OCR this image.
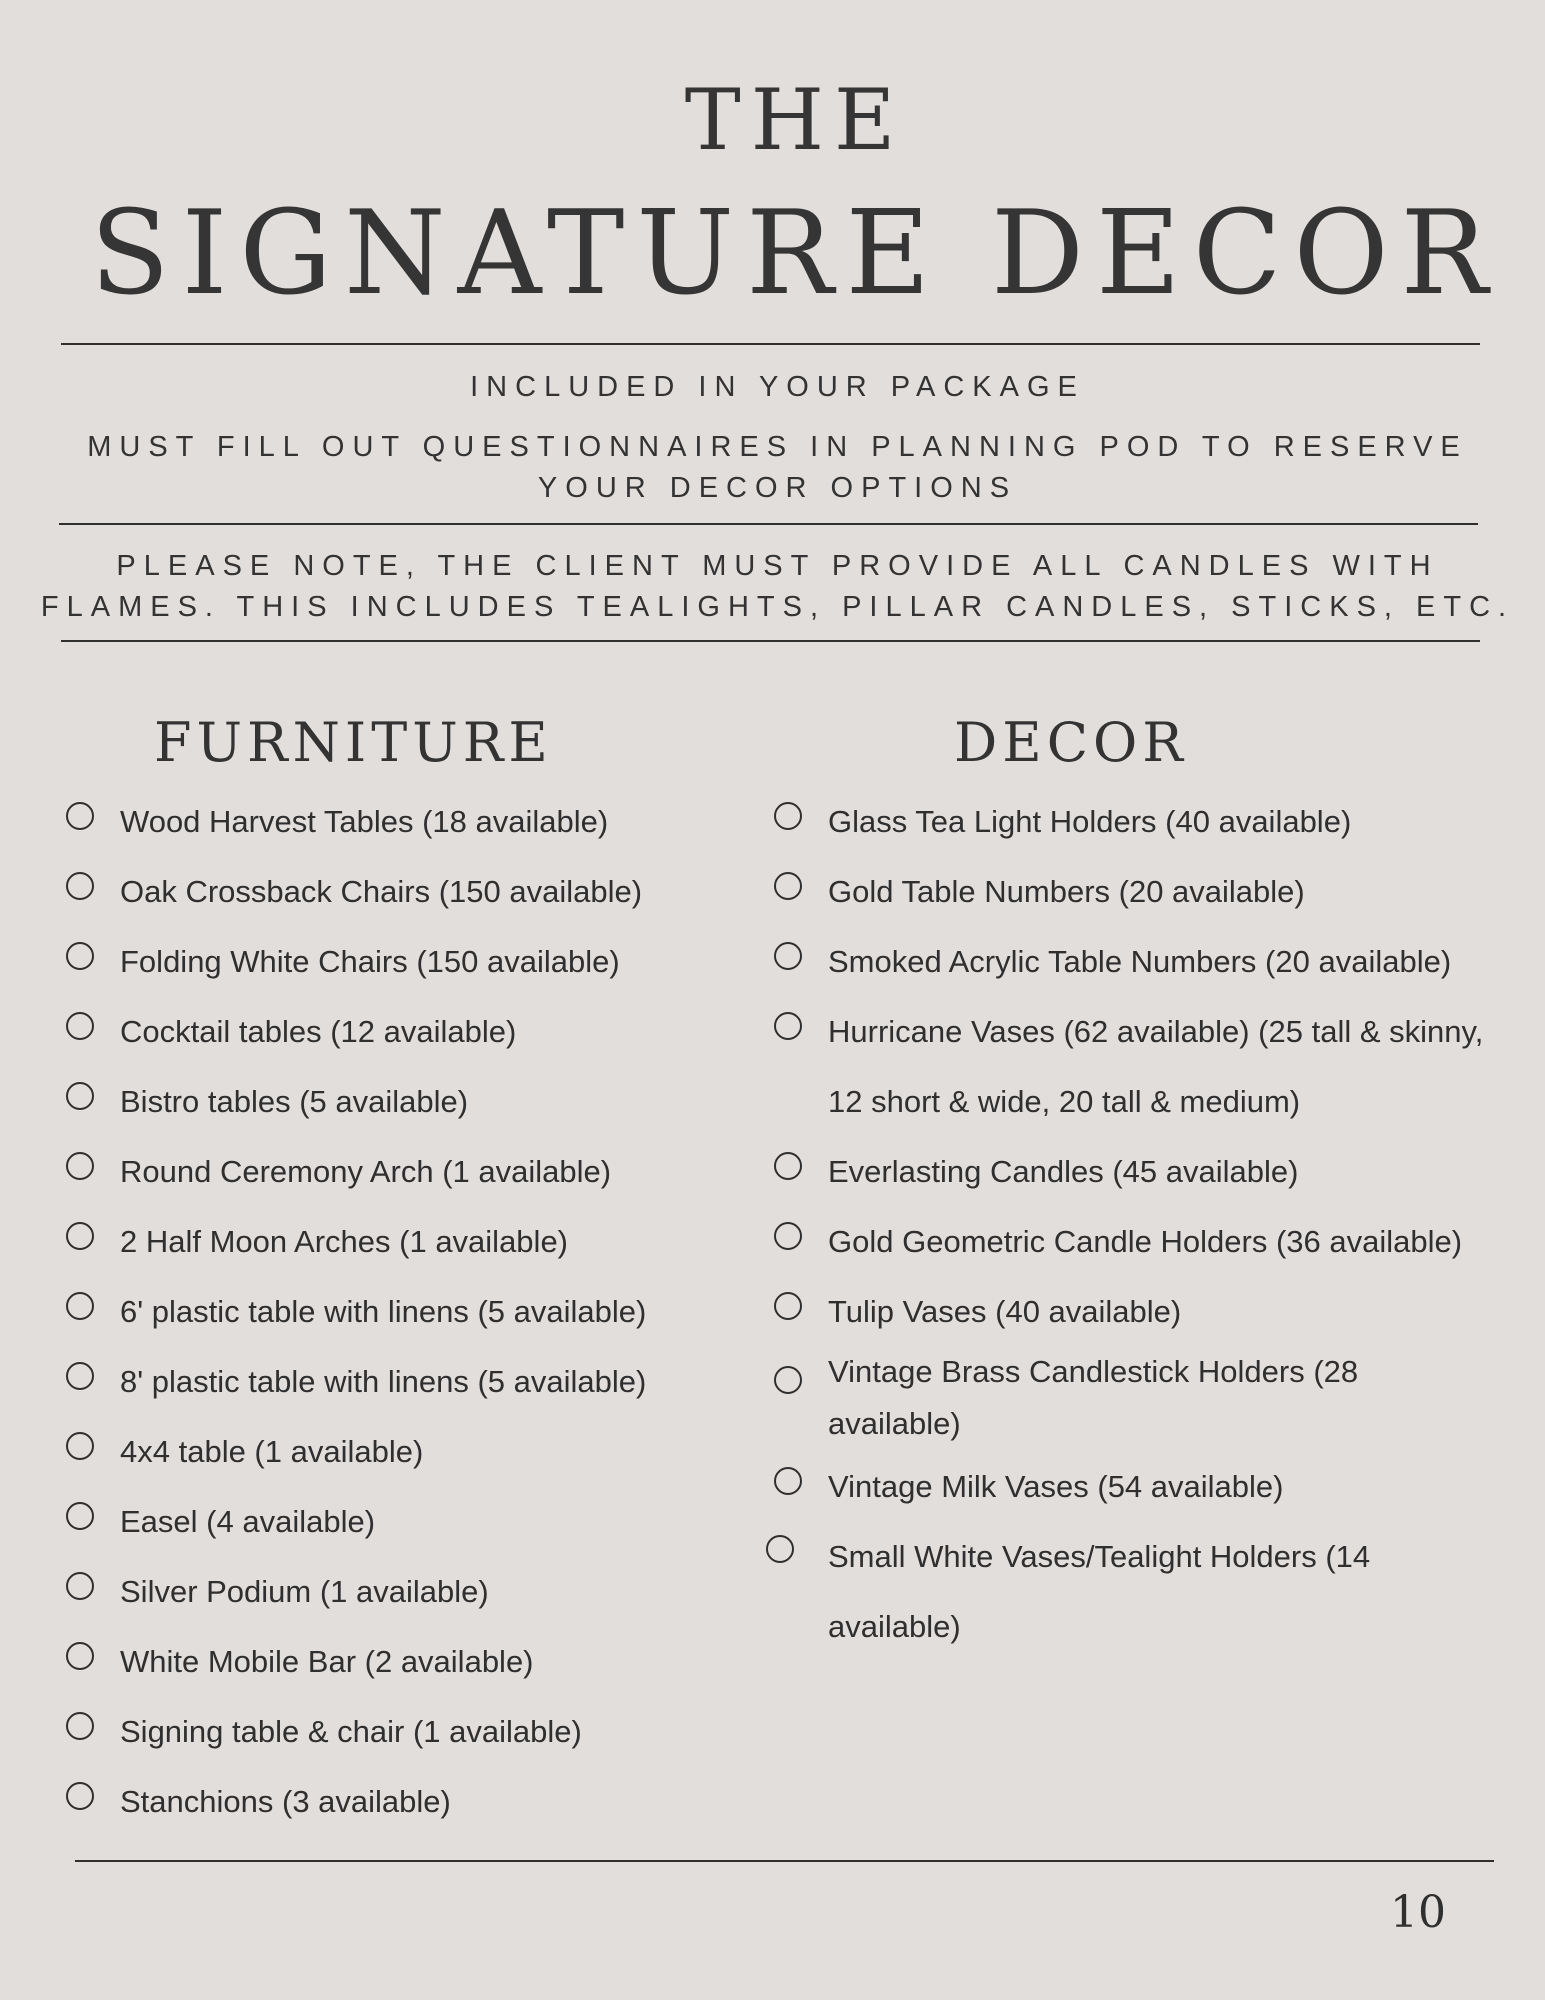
THE
SIGNATURE DECOR
INCLUDED IN YOUR PACKAGE
MUST FILL OUT QUESTIONNAIRES IN PLANNING POD TO RESERVE
YOUR DECOR OPTIONS
PLEASE NOTE, THE CLIENT MUST PROVIDE ALL CANDLES WITH
FLAMES. THIS INCLUDES TEALIGHTS, PILLAR CANDLES, STICKS, ETC.
FURNITURE	DECOR
Wood Harvest Tables (18 available)
Oak Crossback Chairs (150 available)
Folding White Chairs (150 available)
Cocktail tables (12 available)
Bistro tables (5 available)
Round Ceremony Arch (1 available)
2 Half Moon Arches (1 available)
6' plastic table with linens (5 available)
8' plastic table with linens (5 available)
4x4 table (1 available)
Easel (4 available)
Silver Podium (1 available)
White Mobile Bar (2 available)
Signing table & chair (1 available)
Stanchions (3 available)
Glass Tea Light Holders (40 available)
Gold Table Numbers (20 available)
Smoked Acrylic Table Numbers (20 available)
Hurricane Vases (62 available) (25 tall & skinny,
12 short & wide, 20 tall & medium)
Everlasting Candles (45 available)
Gold Geometric Candle Holders (36 available)
Tulip Vases (40 available)
Vintage Brass Candlestick Holders (28
available)
Vintage Milk Vases (54 available)
Small White Vases/Tealight Holders (14
available)
10
